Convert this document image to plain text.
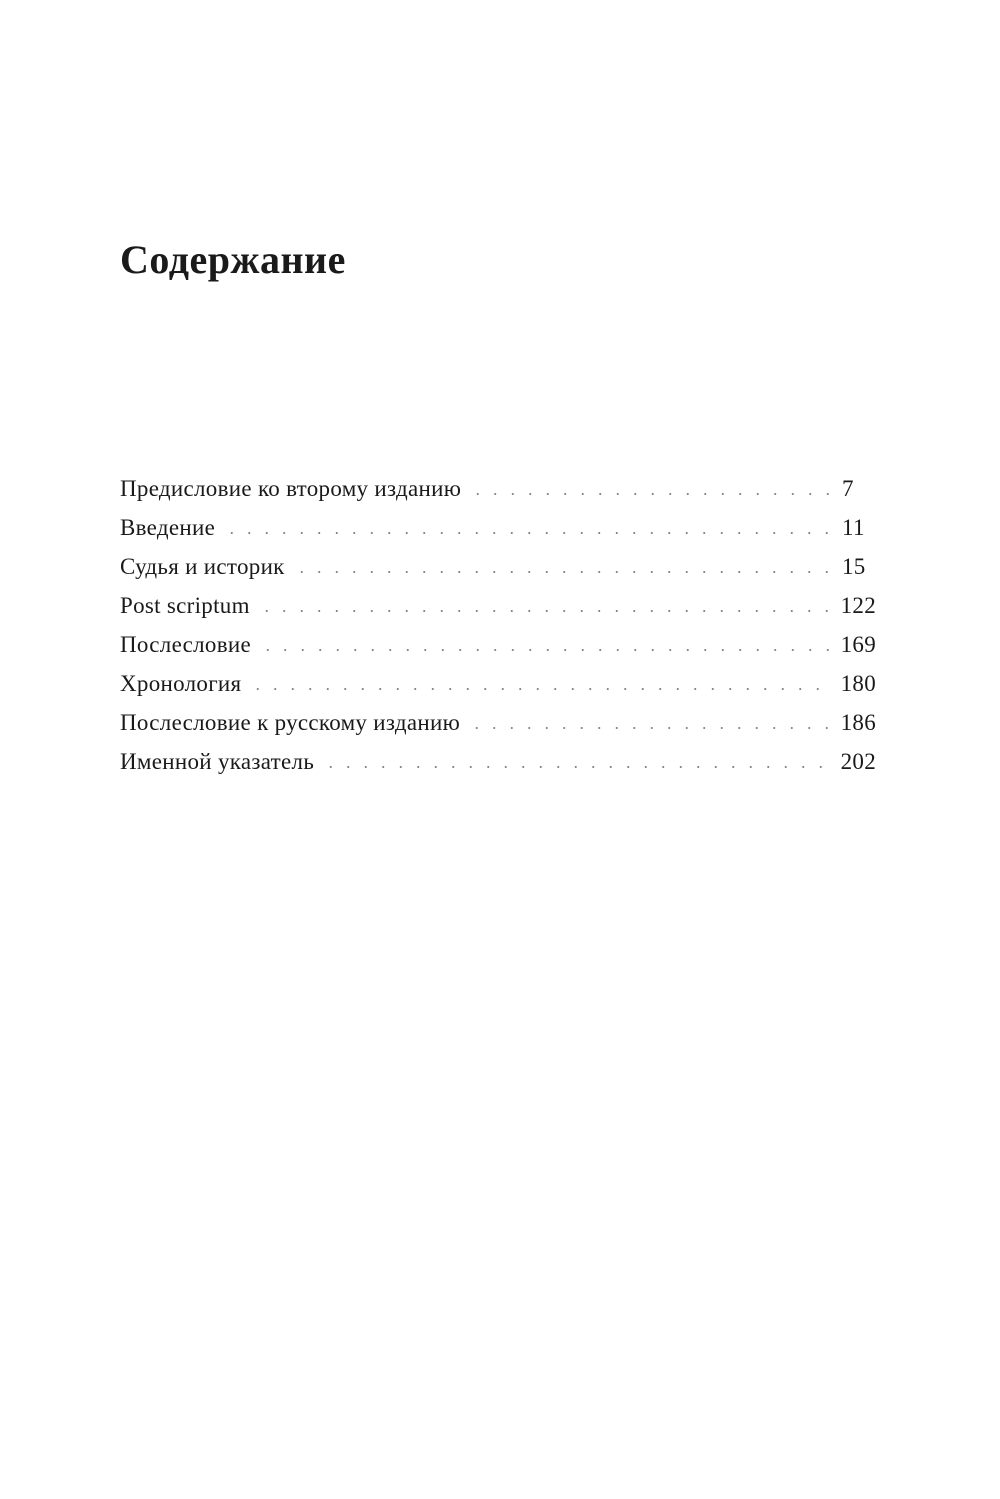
Содержание
Предисловие ко второму изданию	7
Введение	11
Судья и историк	15
Post scriptum	122
Послесловие	169
Хронология	180
Послесловие к русскому изданию	186
Именной указатель	202
